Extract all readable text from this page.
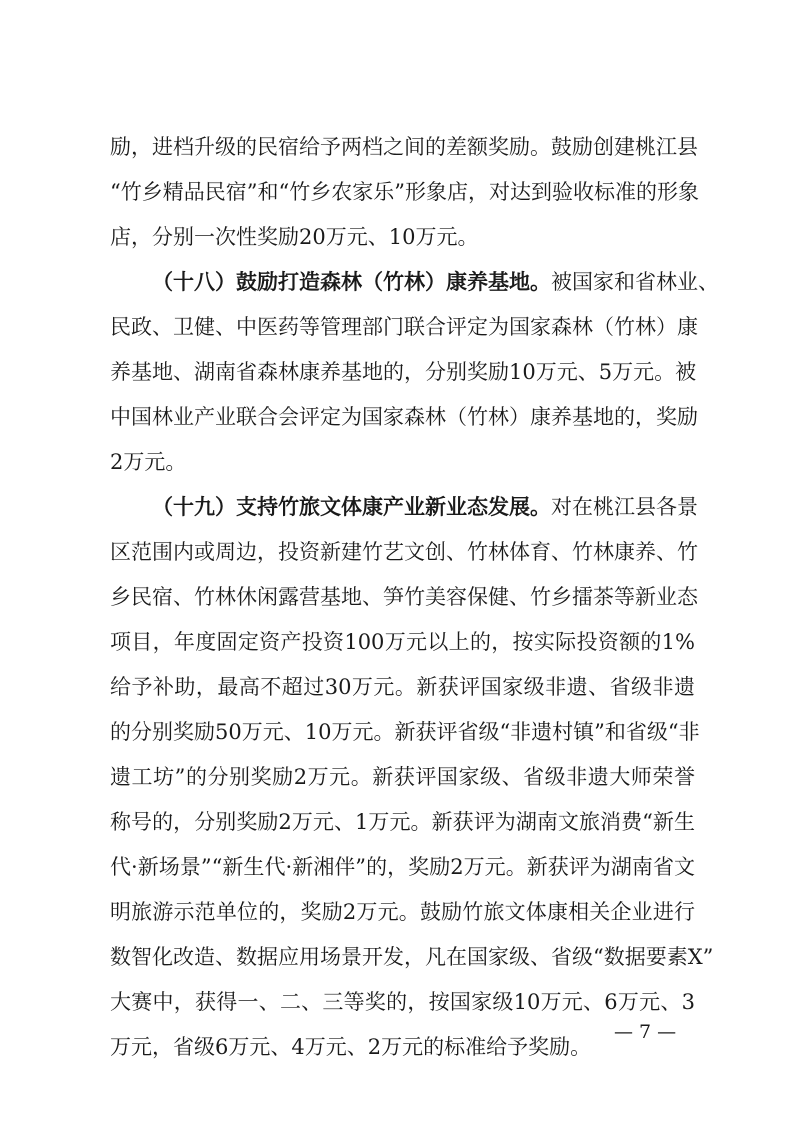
励，进档升级的民宿给予两档之间的差额奖励。鼓励创建桃江县
“竹乡精品民宿”和“竹乡农家乐”形象店，对达到验收标准的形象
店，分别一次性奖励20万元、10万元。
（十八）鼓励打造森林（竹林）康养基地。被国家和省林业、
民政、卫健、中医药等管理部门联合评定为国家森林（竹林）康
养基地、湖南省森林康养基地的，分别奖励10万元、5万元。被
中国林业产业联合会评定为国家森林（竹林）康养基地的，奖励
2万元。
（十九）支持竹旅文体康产业新业态发展。对在桃江县各景
区范围内或周边，投资新建竹艺文创、竹林体育、竹林康养、竹
乡民宿、竹林休闲露营基地、笋竹美容保健、竹乡擂茶等新业态
项目，年度固定资产投资100万元以上的，按实际投资额的1%
给予补助，最高不超过30万元。新获评国家级非遗、省级非遗
的分别奖励50万元、10万元。新获评省级“非遗村镇”和省级“非
遗工坊”的分别奖励2万元。新获评国家级、省级非遗大师荣誉
称号的，分别奖励2万元、1万元。新获评为湖南文旅消费“新生
代·新场景”“新生代·新湘伴”的，奖励2万元。新获评为湖南省文
明旅游示范单位的，奖励2万元。鼓励竹旅文体康相关企业进行
数智化改造、数据应用场景开发，凡在国家级、省级“数据要素X”
大赛中，获得一、二、三等奖的，按国家级10万元、6万元、3
万元，省级6万元、4万元、2万元的标准给予奖励。
— 7 —
